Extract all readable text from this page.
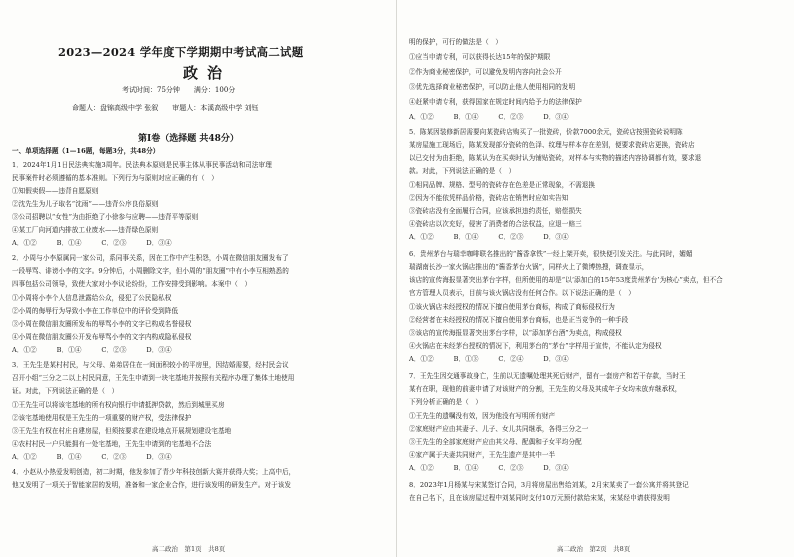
2023—2024 学年度下学期期中考试高二试题
政治
考试时间：75分钟　　满分：100分
命题人：盘锦高级中学 张叙　　审题人：本溪高级中学 刘钰
第Ⅰ卷（选择题 共48分）
一、单项选择题（1—16题，每题3分，共48分）
1．2024年1月1日民法典实施3周年。民法典本原则是民事主体从事民事活动和司法审理
民事案件时必须遵循的基本准则。下列行为与原则对应正确的有（　）
①知假卖假——违背自愿原则
②沈先生为儿子取名“沈雨”——违背公序良俗原则
③公司招聘以“女性”为由拒绝了小徐参与应聘——违背平等原则
④某工厂向河道内排放工业废水——违背绿色原则
A．①②　　　B．①④　　　C．②③　　　D．③④
2．小周与小李原属同一家公司，系同事关系，因在工作中产生积怨，小周在微信朋友圈发布了
一段辱骂、诽谤小李的文字。9分钟后，小周删除文字，但小周的“朋友圈”中有小李互相熟悉的
四事包括公司领导，致使大家对小李议论纷纷，工作安排受到影响。本案中（　）
①小周将小李个人信息泄露给公众，侵犯了公民隐私权
②小周的侮辱行为导致小李在工作单位中的评价受到降低
③小周在微信朋友圈所发布的辱骂小李的文字已构成名誉侵权
④小周在微信朋友圈公开发布辱骂小李的文字内构成隐私侵权
A．①②　　　B．①④　　　C．②③　　　D．③④
3．王先生是某村村民，与父母、弟弟居住在一间面积较小的平房里，因结婚需要，经村民会议
召开小组“三分之二以上村民同意，王先生申请到一块宅基地并按照有关程序办理了集体土地使用
证。对此，下列说法正确的是（　）
①王先生可以将该宅基地的所有权向银行申请抵押贷款，然后到城里买房
②该宅基地使用权是王先生的一项重要的财产权，受法律保护
③王先生有权在村庄自建房屋，但须按要求在建设地点开展规划建设宅基地
④农村村民一户只能拥有一处宅基地，王先生申请到的宅基地不合法
A．①②　　　B．①④　　　C．②③　　　D．③④
4．小赵从小热爱发明创造，初二时期，他发参加了青少年科技创新大赛并获得大奖；上高中后，
他又发明了一项关于智能家居的发明，准备和一家企业合作，进行该发明的研发生产。对于该发
高二政治　第1页　共8页
明的保护，可行的做法是（　）
①应当申请专利，可以获得长达15年的保护期限
②作为商业秘密保护，可以避免发明内容向社会公开
③优先选择商业秘密保护，可以防止他人使用相同的发明
④赶紧申请专利，获得国家在规定时间内给予力的法律保护
A．①②　　　B．①④　　　C．②③　　　D．③④
5．陈某因装修新居需要向某瓷砖店购买了一批瓷砖，价款7000余元，瓷砖店按照瓷砖说明陈
某房屋施工现场后，陈某发现部分瓷砖的色泽、纹理与样本存在差别，便要求瓷砖店更换，瓷砖店
以已交付为由拒绝，陈某认为在买卖时认为铺贴瓷砖，对样本与实物的描述内容协调都有效，要求退
款。对此，下列说法正确的是（　）
①相同品牌、规格、型号的瓷砖存在色差是正常现象，不需退换
②因为不能依凭样品价格，瓷砖店在销售时应如实告知
③瓷砖店没有全面履行合同，应该承担违约责任，赔偿损失
④瓷砖店以次充好，侵害了消费者的合法权益，应退一赔三
A．①②　　　B．①④　　　C．②③　　　D．③④
6．贵州茅台与瑞幸咖啡联名推出的“酱香拿铁”一经上架开卖，很快便引发关注。与此同时，媚媚
瑞湖南长沙一家火锅店推出的“酱香茅台火锅”，同样火上了微博热搜，调查显示，
该店的宣传海报显著突出茅台字样，但所使用的却是“以‘添加白的15年53度贵州茅台’为核心”卖点，但不合
官方管理人员表示，目前与该火锅店没有任何合作。以下说法正确的是（　）
①该火锅店未经授权的情况下擅自使用茅台商标，构成了商标侵权行为
②经营者在未经授权的情况下擅自使用茅台商标，也是正当竞争的一种手段
③该店的宣传海报显著突出茅台字样，以“添加茅台酒”为卖点，构成侵权
④火锅店在未经茅台授权的情况下，利用茅台的“茅台”字样用于宣传，不能认定为侵权
A．①②　　　B．①③　　　C．②④　　　D．③④
7．王先生因交通事故身亡，生前以无遗嘱处理其死后财产，留有一套房产和若干存款，当时王
某有在职，现他的前妻申请了对该财产的分割，王先生的父母及其成年子女均未放弃继承权，
下列分析正确的是（　）
①王先生的遗嘱没有效，因为他没有写明所有财产
②家庭财产应由其妻子、儿子、女儿共同继承，各得三分之一
③王先生的全部家庭财产应由其父母、配偶和子女平均分配
④家产属于夫妻共同财产，王先生遗产是其中一半
A．①②　　　B．①④　　　C．②③　　　D．③④
8．2023年1月杨某与宋某签订合同，3月将房屋出售给刘某，2月宋某卖了一套公寓并将其登记
在自己名下，且在该房屋过程中刘某同时支付10万元预付款给宋某，宋某经申请获得发明
高二政治　第2页　共8页
